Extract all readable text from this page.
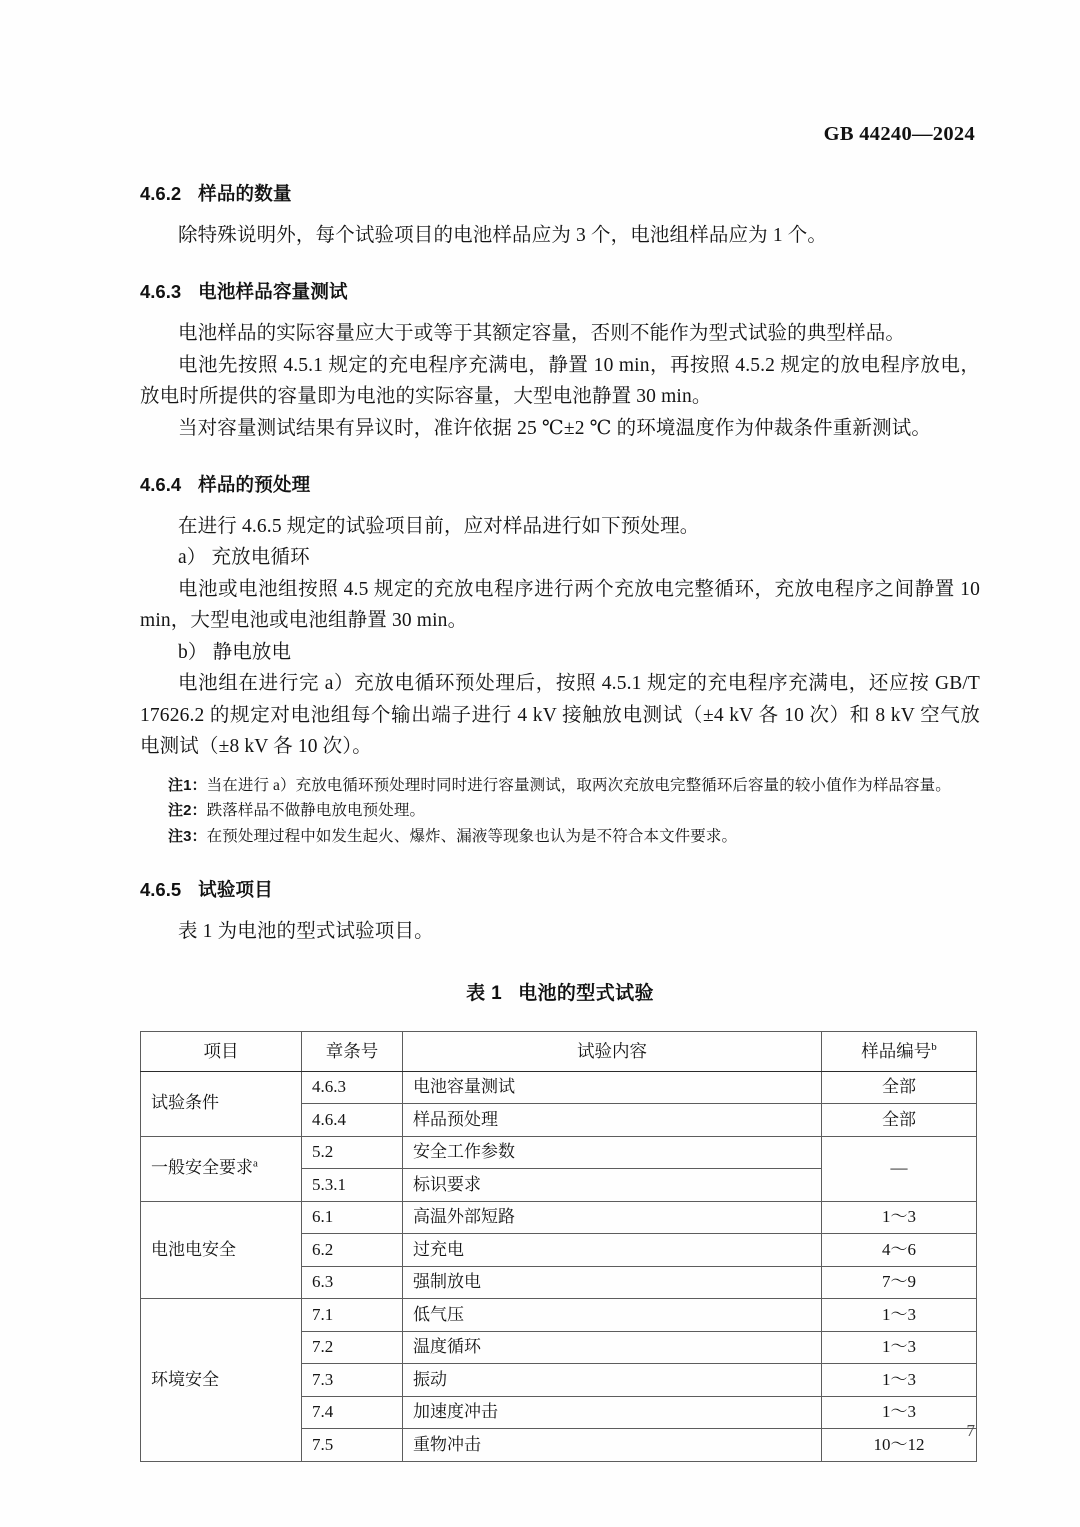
GB 44240—2024
4.6.2 样品的数量

除特殊说明外，每个试验项目的电池样品应为 3 个，电池组样品应为 1 个。

4.6.3 电池样品容量测试

电池样品的实际容量应大于或等于其额定容量，否则不能作为型式试验的典型样品。

电池先按照 4.5.1 规定的充电程序充满电，静置 10 min，再按照 4.5.2 规定的放电程序放电，放电时所提供的容量即为电池的实际容量，大型电池静置 30 min。

当对容量测试结果有异议时，准许依据 25 ℃±2 ℃ 的环境温度作为仲裁条件重新测试。

4.6.4 样品的预处理

在进行 4.6.5 规定的试验项目前，应对样品进行如下预处理。

a） 充放电循环

电池或电池组按照 4.5 规定的充放电程序进行两个充放电完整循环，充放电程序之间静置 10 min，大型电池或电池组静置 30 min。

b） 静电放电

电池组在进行完 a）充放电循环预处理后，按照 4.5.1 规定的充电程序充满电，还应按 GB/T 17626.2 的规定对电池组每个输出端子进行 4 kV 接触放电测试（±4 kV 各 10 次）和 8 kV 空气放电测试（±8 kV 各 10 次）。

注1：当在进行 a）充放电循环预处理时同时进行容量测试，取两次充放电完整循环后容量的较小值作为样品容量。
注2：跌落样品不做静电放电预处理。
注3：在预处理过程中如发生起火、爆炸、漏液等现象也认为是不符合本文件要求。
4.6.5 试验项目

表 1 为电池的型式试验项目。

表 1 电池的型式试验
项目	章条号	试验内容	样品编号$^b$
试验条件	4.6.3	电池容量测试	全部
	4.6.4	样品预处理	全部
一般安全要求$^a$	5.2	安全工作参数	—
	5.3.1	标识要求	
电池电安全	6.1	高温外部短路	1～3
	6.2	过充电	4～6
	6.3	强制放电	7～9
环境安全	7.1	低气压	1～3
	7.2	温度循环	1～3
	7.3	振动	1～3
	7.4	加速度冲击	1～3
	7.5	重物冲击	10～12
7
